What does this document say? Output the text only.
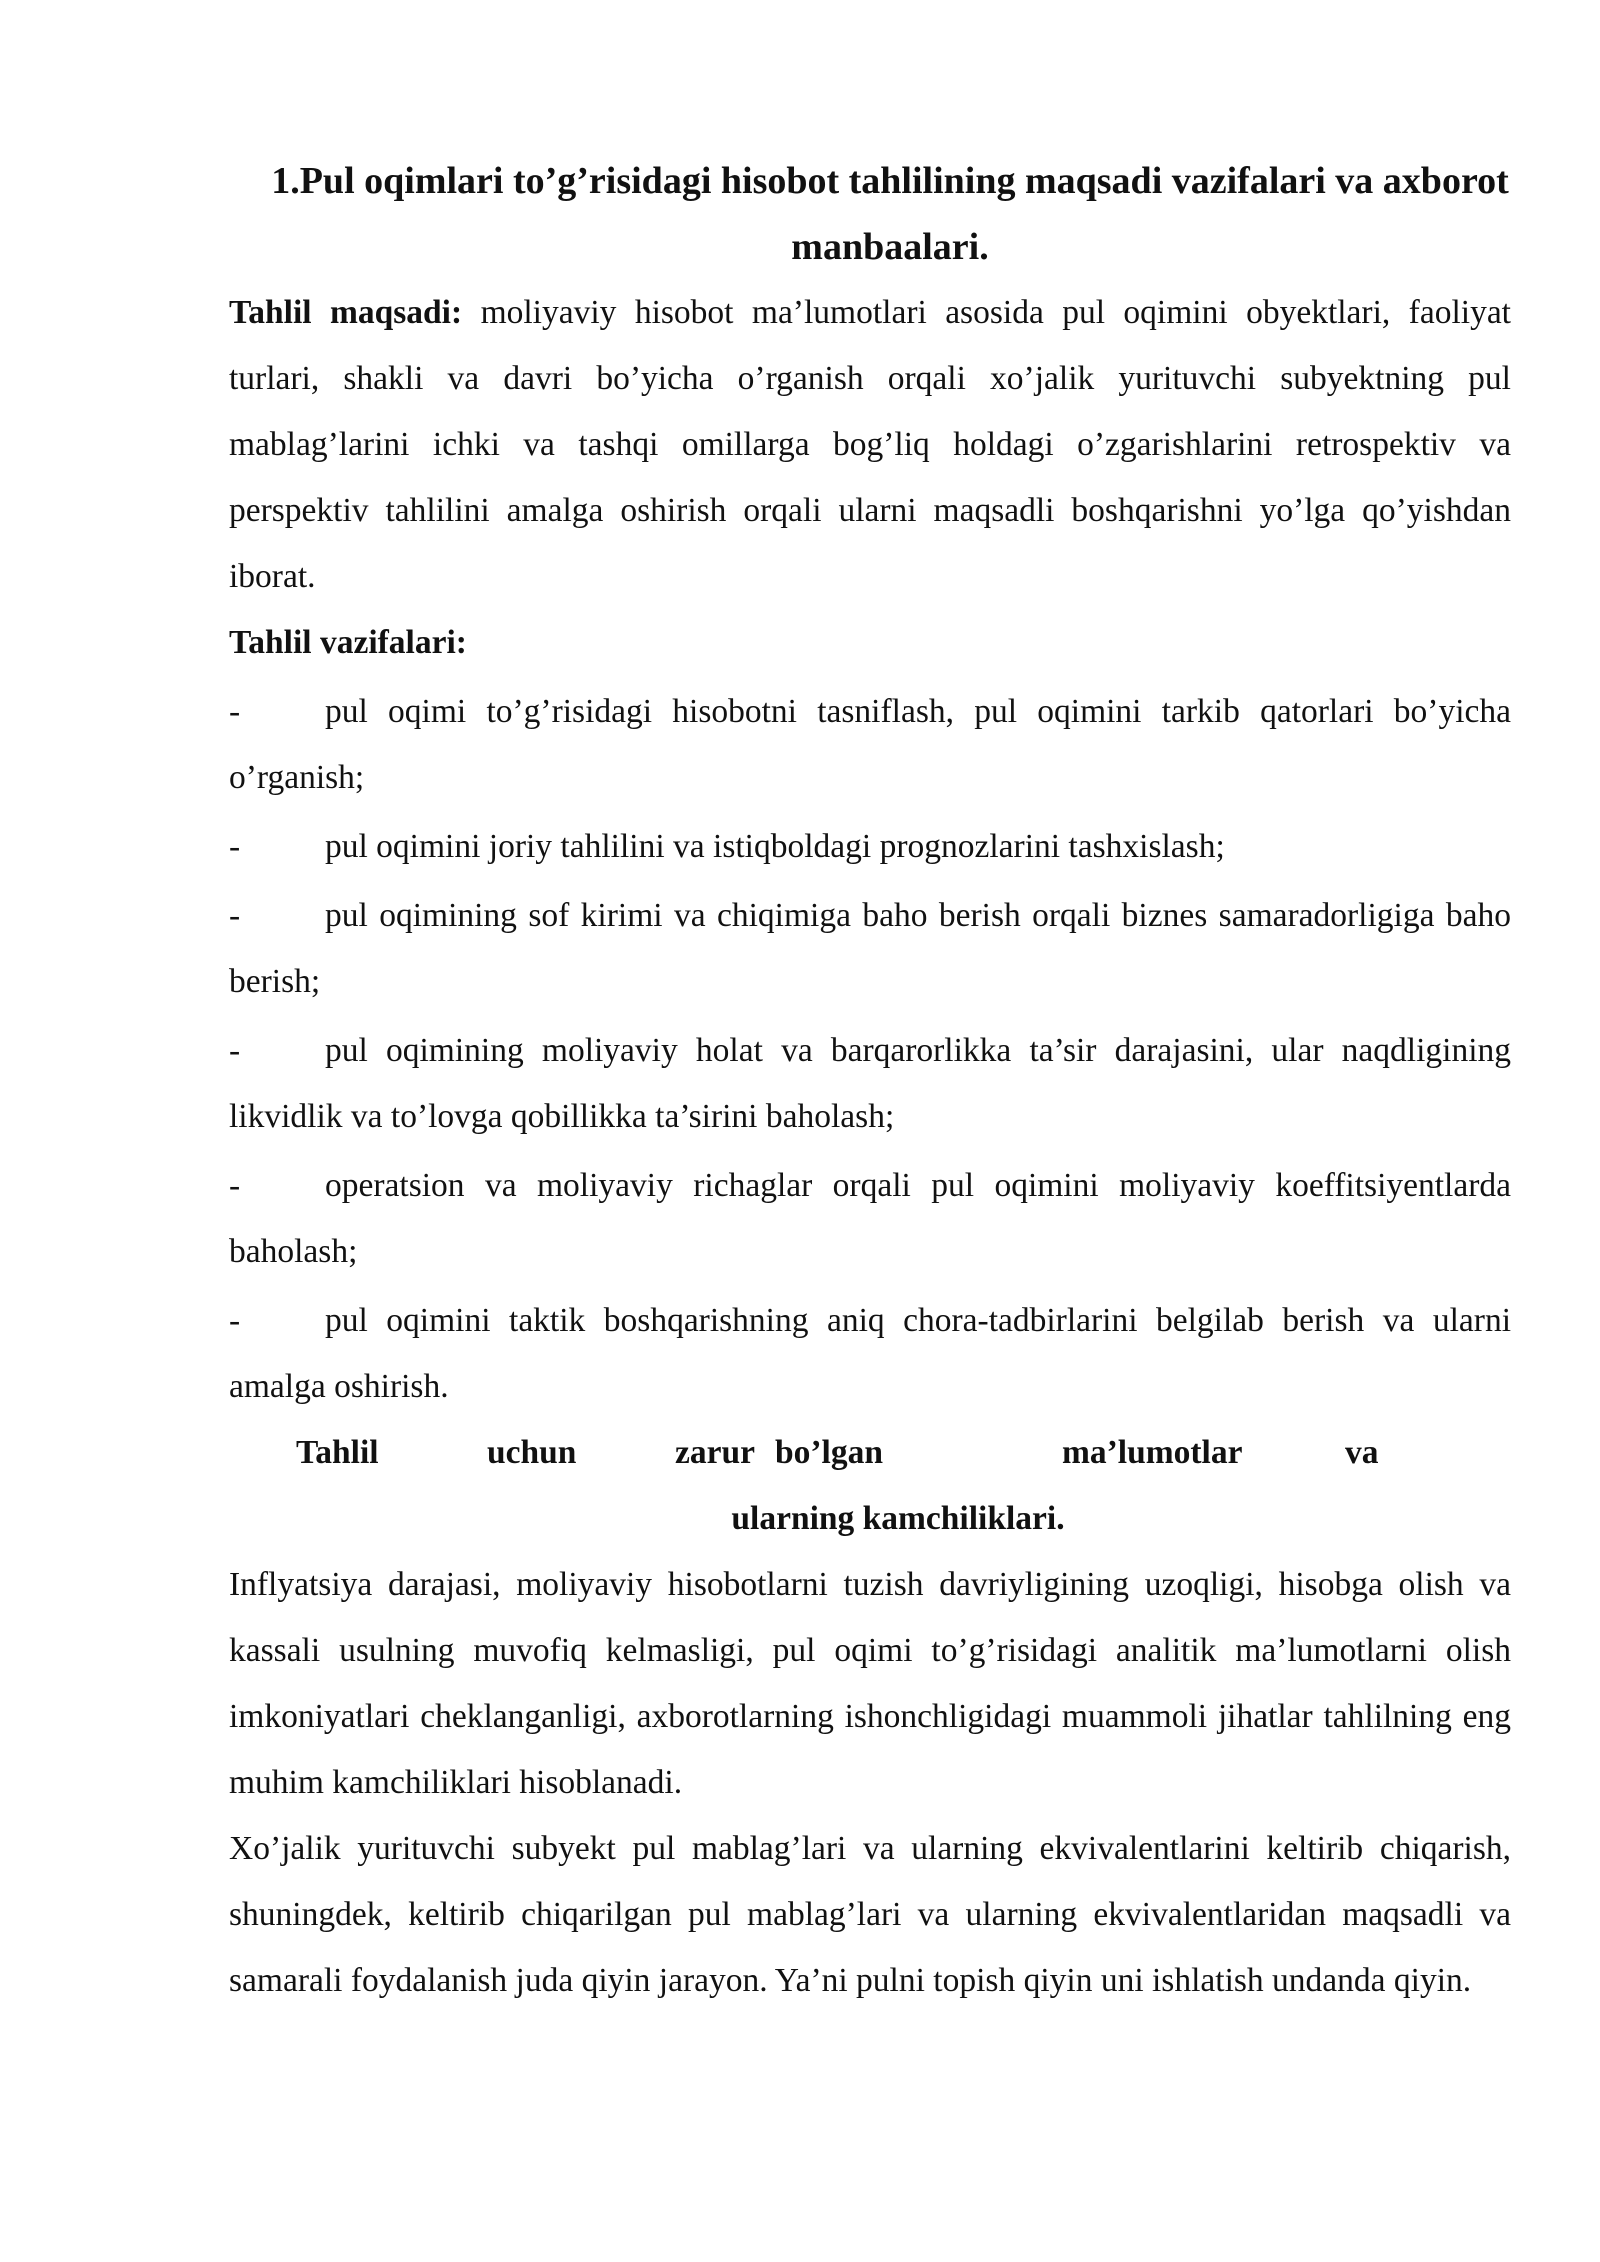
1.Pul oqimlari to’g’risidagi hisobot tahlilining maqsadi vazifalari va axborot manbaalari.

Tahlil maqsadi: moliyaviy hisobot ma’lumotlari asosida pul oqimini obyektlari, faoliyat turlari, shakli va davri bo’yicha o’rganish orqali xo’jalik yurituvchi subyektning pul mablag’larini ichki va tashqi omillarga bog’liq holdagi o’zgarishlarini retrospektiv va perspektiv tahlilini amalga oshirish orqali ularni maqsadli boshqarishni yo’lga qo’yishdan iborat.

Tahlil vazifalari:

-	pul oqimi to’g’risidagi hisobotni tasniflash, pul oqimini tarkib qatorlari bo’yicha o’rganish;

-	pul oqimini joriy tahlilini va istiqboldagi prognozlarini tashxislash;

-	pul oqimining sof kirimi va chiqimiga baho berish orqali biznes samaradorligiga baho berish;

-	pul oqimining moliyaviy holat va barqarorlikka ta’sir darajasini, ular naqdligining likvidlik va to’lovga qobillikka ta’sirini baholash;

-	operatsion va moliyaviy richaglar orqali pul oqimini moliyaviy koeffitsiyentlarda baholash;

-	pul oqimini taktik boshqarishning aniq chora-tadbirlarini belgilab berish va ularni amalga oshirish.

Tahlil	uchun	zarur bo’lgan	ma’lumotlar	va
ularning kamchiliklari.

Inflyatsiya darajasi, moliyaviy hisobotlarni tuzish davriyligining uzoqligi, hisobga olish va kassali usulning muvofiq kelmasligi, pul oqimi to’g’risidagi analitik ma’lumotlarni olish imkoniyatlari cheklanganligi, axborotlarning ishonchligidagi muammoli jihatlar tahlilning eng muhim kamchiliklari hisoblanadi.

Xo’jalik yurituvchi subyekt pul mablag’lari va ularning ekvivalentlarini keltirib chiqarish, shuningdek, keltirib chiqarilgan pul mablag’lari va ularning ekvivalentlaridan maqsadli va samarali foydalanish juda qiyin jarayon. Ya’ni pulni topish qiyin uni ishlatish undanda qiyin.
